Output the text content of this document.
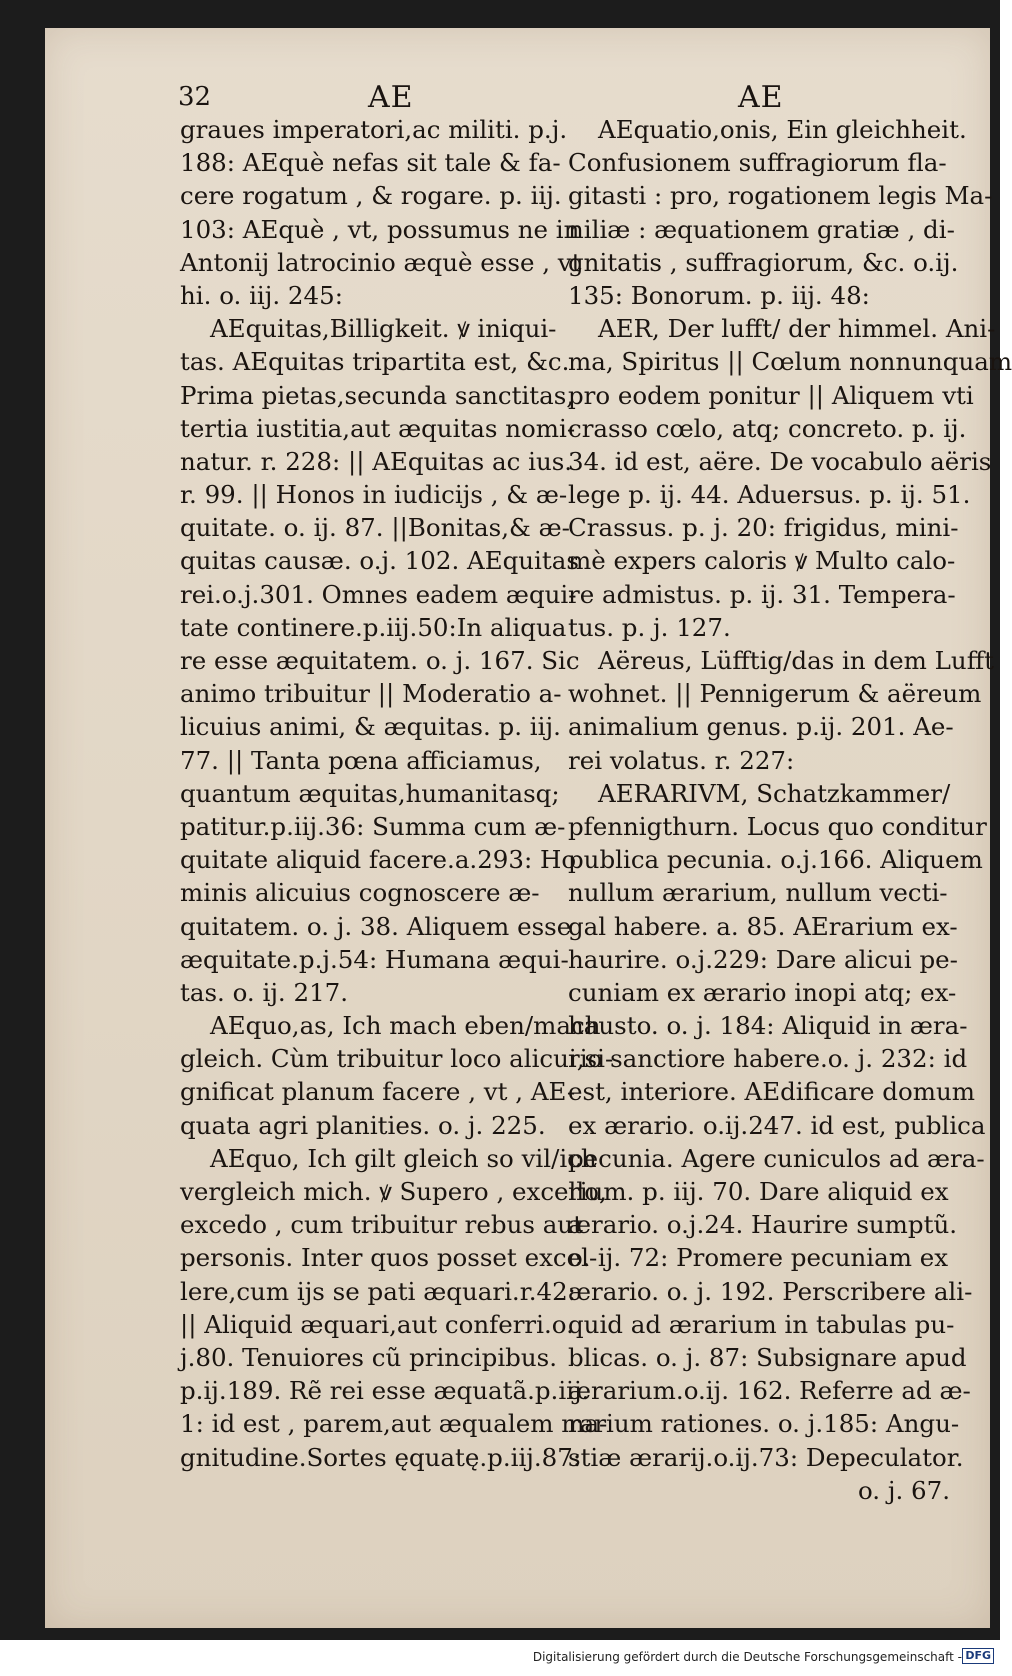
32	AE	AE
graues imperatori,ac militi. p.j.
188: AEquè nefas sit tale & fa-
cere rogatum , & rogare. p. iij.
103: AEquè , vt, possumus ne in
Antonij latrocinio æquè esse , vt
hi. o. iij. 245:
AEquitas,Billigkeit. ꝟ iniqui-
tas. AEquitas tripartita est, &c.
Prima pietas,secunda sanctitas,
tertia iustitia,aut æquitas nomi-
natur. r. 228: || AEquitas ac ius.
r. 99. || Honos in iudicijs , & æ-
quitate. o. ij. 87. ||Bonitas,& æ-
quitas causæ. o.j. 102. AEquitas
rei.o.j.301. Omnes eadem æqui-
tate continere.p.iij.50:In aliqua
re esse æquitatem. o. j. 167. Sic
animo tribuitur || Moderatio a-
licuius animi, & æquitas. p. iij.
77. || Tanta pœna afficiamus,
quantum æquitas,humanitasq;
patitur.p.iij.36: Summa cum æ-
quitate aliquid facere.a.293: Ho
minis alicuius cognoscere æ-
quitatem. o. j. 38. Aliquem esse
æquitate.p.j.54: Humana æqui-
tas. o. ij. 217.
AEquo,as, Ich mach eben/mach
gleich. Cùm tribuitur loco alicui,si-
gnificat planum facere , vt , AE-
quata agri planities. o. j. 225.
AEquo, Ich gilt gleich so vil/ich
vergleich mich. ꝟ Supero , excello,
excedo , cum tribuitur rebus aut
personis. Inter quos posset excel-
lere,cum ijs se pati æquari.r.42:
|| Aliquid æquari,aut conferri.o.
j.80. Tenuiores cũ principibus.
p.ij.189. Rẽ rei esse æquatã.p.iij.
1: id est , parem,aut æqualem ma-
gnitudine.Sortes ęquatę.p.iij.87:
AEquatio,onis, Ein gleichheit.
Confusionem suffragiorum fla-
gitasti : pro, rogationem legis Ma-
niliæ : æquationem gratiæ , di-
gnitatis , suffragiorum, &c. o.ij.
135: Bonorum. p. iij. 48:
AER, Der lufft/ der himmel. Ani-
ma, Spiritus || Cœlum nonnunquam
pro eodem ponitur || Aliquem vti
crasso cœlo, atq; concreto. p. ij.
34. id est, aëre. De vocabulo aëris
lege p. ij. 44. Aduersus. p. ij. 51.
Crassus. p. j. 20: frigidus, mini-
mè expers caloris ꝟ Multo calo-
re admistus. p. ij. 31. Tempera-
tus. p. j. 127.
Aëreus, Lüfftig/das in dem Lufft
wohnet. || Pennigerum & aëreum
animalium genus. p.ij. 201. Ae-
rei volatus. r. 227:
AERARIVM, Schatzkammer/
pfennigthurn. Locus quo conditur
publica pecunia. o.j.166. Aliquem
nullum ærarium, nullum vecti-
gal habere. a. 85. AErarium ex-
haurire. o.j.229: Dare alicui pe-
cuniam ex ærario inopi atq; ex-
hausto. o. j. 184: Aliquid in æra-
rio sanctiore habere.o. j. 232: id
est, interiore. AEdificare domum
ex ærario. o.ij.247. id est, publica
pecunia. Agere cuniculos ad æra-
rium. p. iij. 70. Dare aliquid ex
ærario. o.j.24. Haurire sumptũ.
o. ij. 72: Promere pecuniam ex
ærario. o. j. 192. Perscribere ali-
quid ad ærarium in tabulas pu-
blicas. o. j. 87: Subsignare apud
ærarium.o.ij. 162. Referre ad æ-
rarium rationes. o. j.185: Angu-
stiæ ærarij.o.ij.73: Depeculator.
o. j. 67.
Digitalisierung gefördert durch die Deutsche Forschungsgemeinschaft - DFG
